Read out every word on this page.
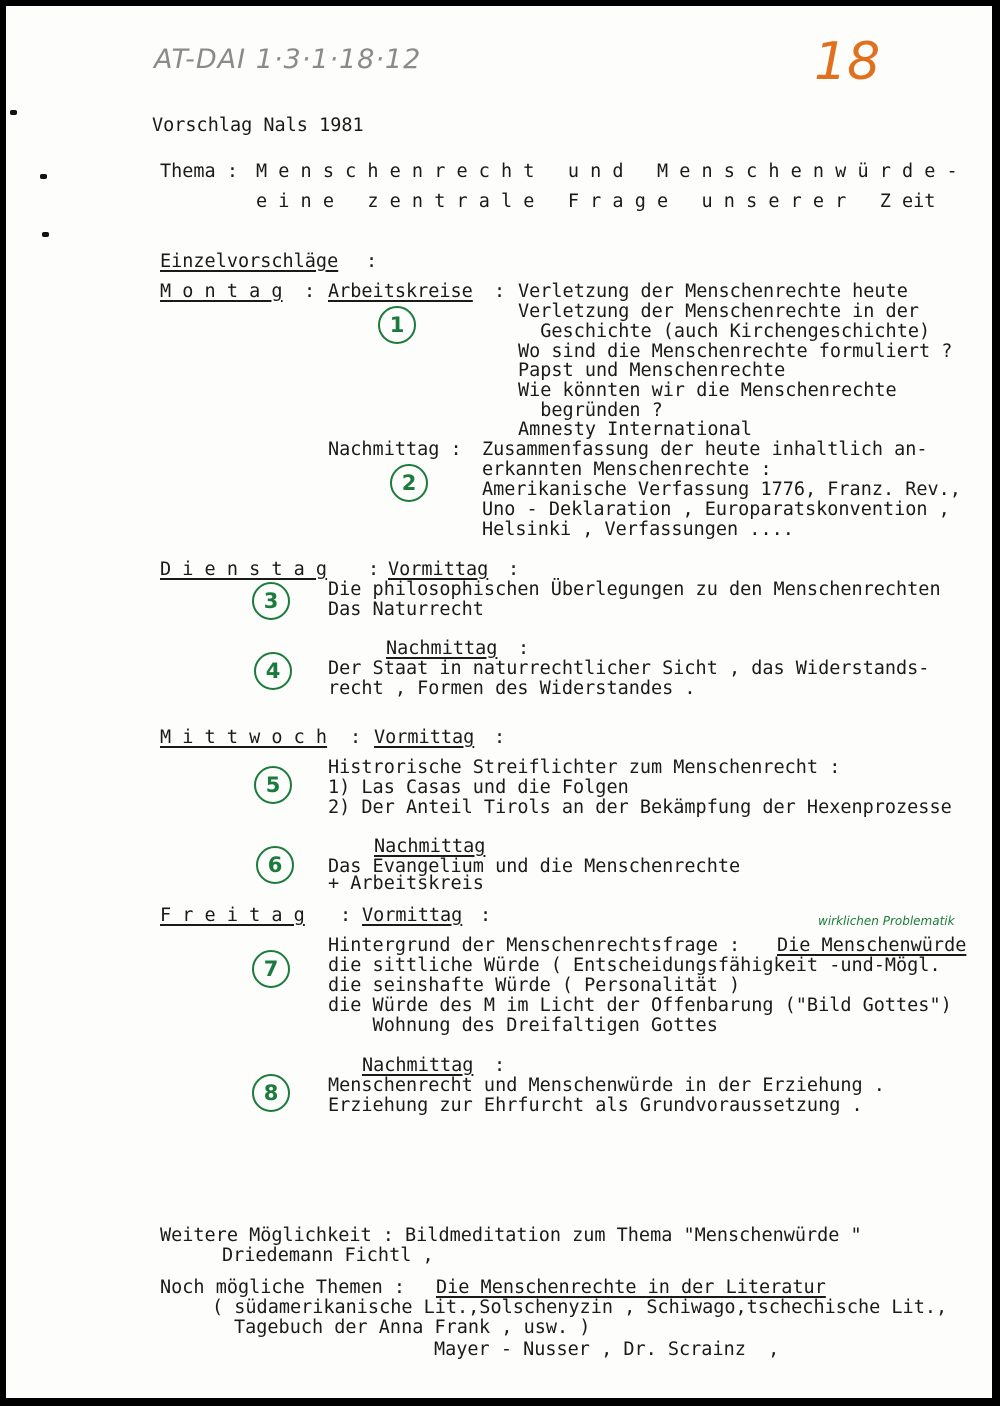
AT-DAI 1·3·1·18·12	18
Vorschlag Nals 1981
Thema : M e n s c h e n r e c h t   u n d   M e n s c h e n w ü r d e -
e i n e   z e n t r a l e   F r a g e   u n s e r e r   Z eit
Einzelvorschläge :
M o n t a g : Arbeitskreise : Verletzung der Menschenrechte heute
Verletzung der Menschenrechte in der
Geschichte (auch Kirchengeschichte)
Wo sind die Menschenrechte formuliert ?
Papst und Menschenrechte
Wie könnten wir die Menschenrechte
begründen ?
Amnesty International
1
Nachmittag : Zusammenfassung der heute inhaltlich an-
erkannten Menschenrechte :
Amerikanische Verfassung 1776, Franz. Rev.,
Uno - Deklaration , Europaratskonvention ,
Helsinki , Verfassungen ....
2
D i e n s t a g : Vormittag :
Die philosophischen Überlegungen zu den Menschenrechten
Das Naturrecht
3
Nachmittag :
Der Staat in naturrechtlicher Sicht , das Widerstands-
recht , Formen des Widerstandes .
4
M i t t w o c h : Vormittag :
Histrorische Streiflichter zum Menschenrecht :
1) Las Casas und die Folgen
2) Der Anteil Tirols an der Bekämpfung der Hexenprozesse
5
Nachmittag
Das Evangelium und die Menschenrechte
+ Arbeitskreis
6
F r e i t a g : Vormittag :	wirklichen Problematik
Hintergrund der Menschenrechtsfrage : Die Menschenwürde
die sittliche Würde ( Entscheidungsfähigkeit -und-Mögl.
die seinshafte Würde ( Personalität )
die Würde des M im Licht der Offenbarung ("Bild Gottes")
Wohnung des Dreifaltigen Gottes
7
Nachmittag :
Menschenrecht und Menschenwürde in der Erziehung .
Erziehung zur Ehrfurcht als Grundvoraussetzung .
8
Weitere Möglichkeit : Bildmeditation zum Thema "Menschenwürde "
Driedemann Fichtl ,
Noch mögliche Themen : Die Menschenrechte in der Literatur
( südamerikanische Lit.,Solschenyzin , Schiwago,tschechische Lit.,
Tagebuch der Anna Frank , usw. )
Mayer - Nusser , Dr. Scrainz  ,
